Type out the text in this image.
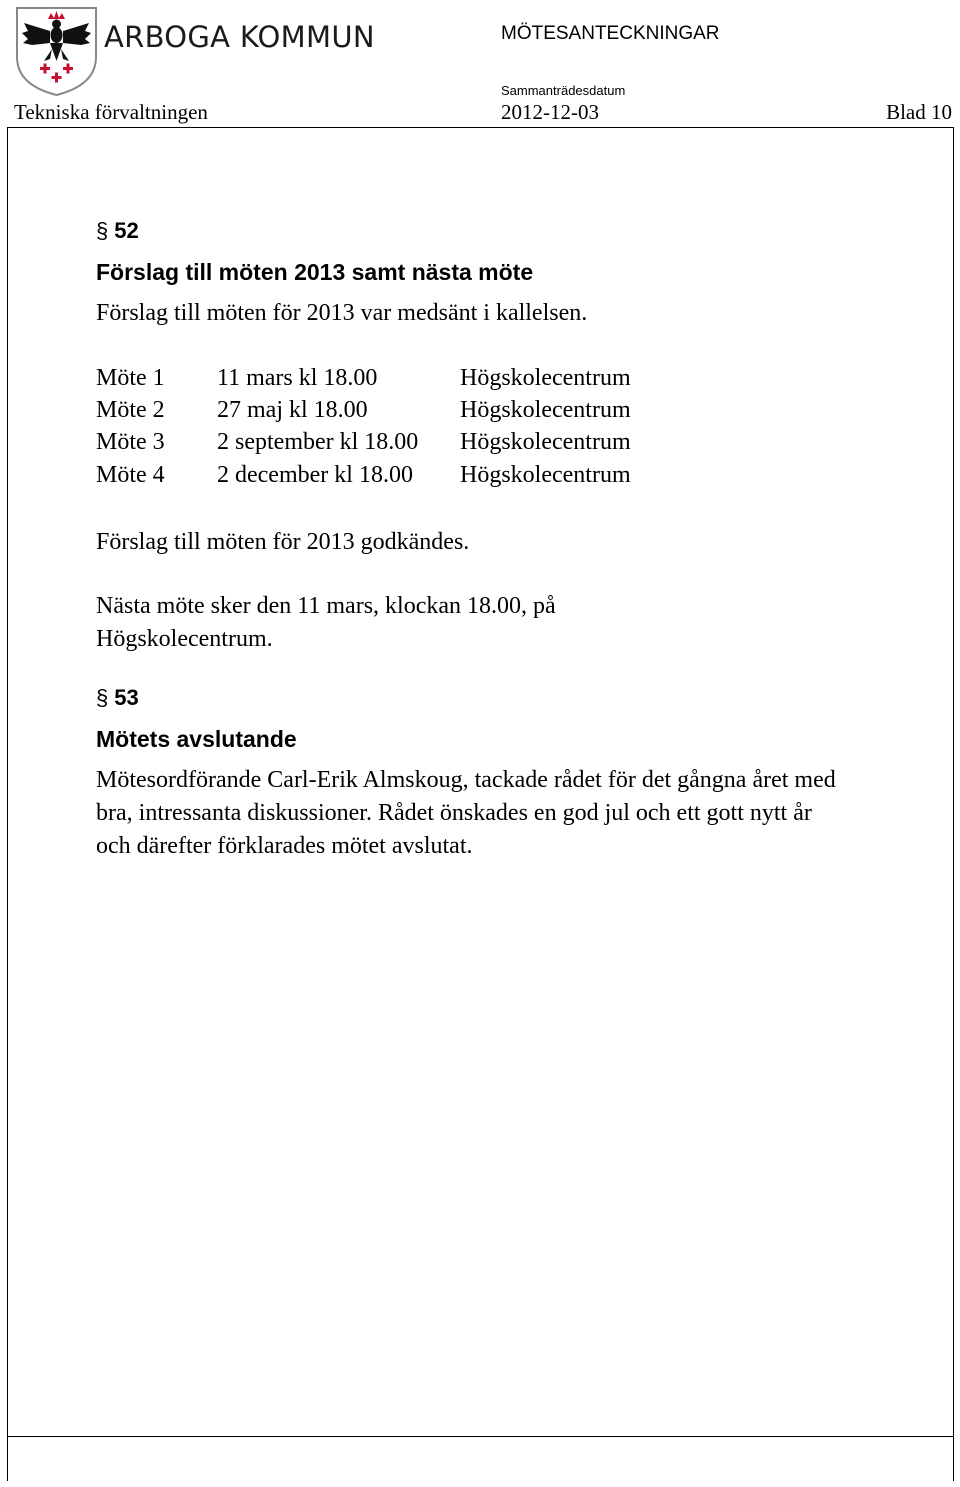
ARBOGA KOMMUN	MÖTESANTECKNINGAR
Sammanträdesdatum
Tekniska förvaltningen	2012-12-03	Blad 10
§ 52
Förslag till möten 2013 samt nästa möte

Förslag till möten för 2013 var medsänt i kallelsen.

Möte 1 11 mars kl 18.00	Högskolecentrum
Möte 2 27 maj kl 18.00	Högskolecentrum
Möte 3 2 september kl 18.00 Högskolecentrum
Möte 4 2 december kl 18.00 Högskolecentrum

Förslag till möten för 2013 godkändes.

Nästa möte sker den 11 mars, klockan 18.00, på Högskolecentrum.

§ 53
Mötets avslutande

Mötesordförande Carl-Erik Almskoug, tackade rådet för det gångna året med bra, intressanta diskussioner. Rådet önskades en god jul och ett gott nytt år och därefter förklarades mötet avslutat.
